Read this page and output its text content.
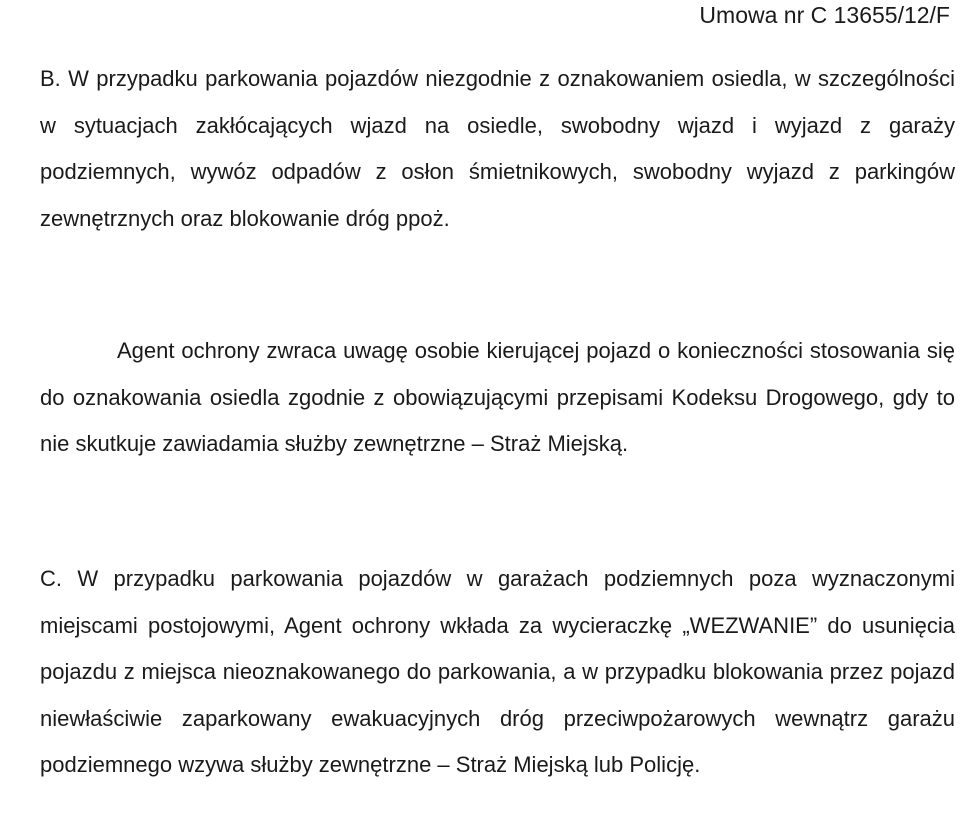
Umowa nr C 13655/12/F

B. W przypadku parkowania pojazdów niezgodnie z oznakowaniem osiedla, w szczególności w sytuacjach zakłócających wjazd na osiedle, swobodny wjazd i wyjazd z garaży podziemnych, wywóz odpadów z osłon śmietnikowych, swobodny wyjazd z parkingów zewnętrznych oraz blokowanie dróg ppoż.

Agent ochrony zwraca uwagę osobie kierującej pojazd o konieczności stosowania się do oznakowania osiedla zgodnie z obowiązującymi przepisami Kodeksu Drogowego, gdy to nie skutkuje zawiadamia służby zewnętrzne – Straż Miejską.

C. W przypadku parkowania pojazdów w garażach podziemnych poza wyznaczonymi miejscami postojowymi, Agent ochrony wkłada za wycieraczkę „WEZWANIE” do usunięcia pojazdu z miejsca nieoznakowanego do parkowania, a w przypadku blokowania przez pojazd niewłaściwie zaparkowany ewakuacyjnych dróg przeciwpożarowych wewnątrz garażu podziemnego wzywa służby zewnętrzne – Straż Miejską lub Policję.
